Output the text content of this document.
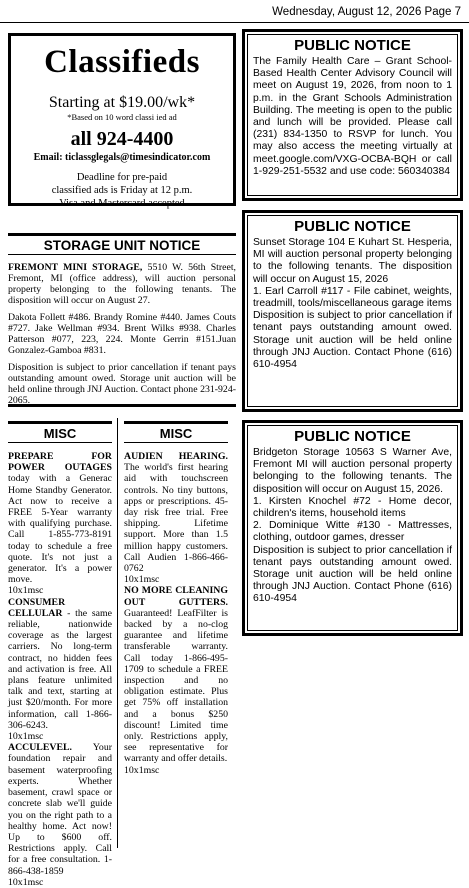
Wednesday, August 12, 2026 Page 7
Classifieds
Starting at $19.00/wk*
*Based on 10 word classi ied ad
all 924-4400
Email: ticlassglegals@timesindicator.com
Deadline for pre-paid
classified ads is Friday at 12 p.m.
Visa and Mastercard accepted
STORAGE UNIT NOTICE

FREMONT MINI STORAGE, 5510 W. 56th Street, Fremont, MI (office address), will auction personal property belonging to the following tenants. The disposition will occur on August 27.

Dakota Follett #486. Brandy Romine #440. James Couts #727. Jake Wellman #934. Brent Wilks #938. Charles Patterson #077, 223, 224. Monte Gerrin #151.Juan Gonzalez-Gamboa #831.

Disposition is subject to prior cancellation if tenant pays outstanding amount owed. Storage unit auction will be held online through JNJ Auction. Contact phone 231-924-2065.

MISC	MISC

PREPARE FOR POWER OUTAGES today with a Generac Home Standby Generator. Act now to receive a FREE 5-Year warranty with qualifying purchase. Call 1-855-773-8191 today to schedule a free quote. It's not just a generator. It's a power move.

10x1msc

CONSUMER CELLULAR - the same reliable, nationwide coverage as the largest carriers. No long-term contract, no hidden fees and activation is free. All plans feature unlimited talk and text, starting at just $20/month. For more information, call 1-866-306-6243.

10x1msc

ACCULEVEL. Your foundation repair and basement waterproofing experts. Whether basement, crawl space or concrete slab we'll guide you on the right path to a healthy home. Act now! Up to $600 off. Restrictions apply. Call for a free consultation. 1-866-438-1859

10x1msc

AUDIEN HEARING. The world's first hearing aid with touchscreen controls. No tiny buttons, apps or prescriptions. 45-day risk free trial. Free shipping. Lifetime support. More than 1.5 million happy customers. Call Audien 1-866-466-0762

10x1msc

NO MORE CLEANING OUT GUTTERS. Guaranteed! LeafFilter is backed by a no-clog guarantee and lifetime transferable warranty. Call today 1-866-495-1709 to schedule a FREE inspection and no obligation estimate. Plus get 75% off installation and a bonus $250 discount! Limited time only. Restrictions apply, see representative for warranty and offer details.

10x1msc
PUBLIC NOTICE

The Family Health Care – Grant School-Based Health Center Advisory Council will meet on August 19, 2026, from noon to 1 p.m. in the Grant Schools Administration Building. The meeting is open to the public and lunch will be provided. Please call (231) 834-1350 to RSVP for lunch. You may also access the meeting virtually at meet.google.com/VXG-OCBA-BQH or call 1-929-251-5532 and use code: 560340384

PUBLIC NOTICE

Sunset Storage 104 E Kuhart St. Hesperia, MI will auction personal property belonging to the following tenants. The disposition will occur on August 15, 2026

1. Earl Carroll #117 - File cabinet, weights, treadmill, tools/miscellaneous garage items

Disposition is subject to prior cancellation if tenant pays outstanding amount owed. Storage unit auction will be held online through JNJ Auction. Contact Phone (616) 610-4954

PUBLIC NOTICE

Bridgeton Storage 10563 S Warner Ave, Fremont MI will auction personal property belonging to the following tenants. The disposition will occur on August 15, 2026.

1. Kirsten Knochel #72 - Home decor, children's items, household items

2. Dominique Witte #130 - Mattresses, clothing, outdoor games, dresser

Disposition is subject to prior cancellation if tenant pays outstanding amount owed. Storage unit auction will be held online through JNJ Auction. Contact Phone (616) 610-4954
